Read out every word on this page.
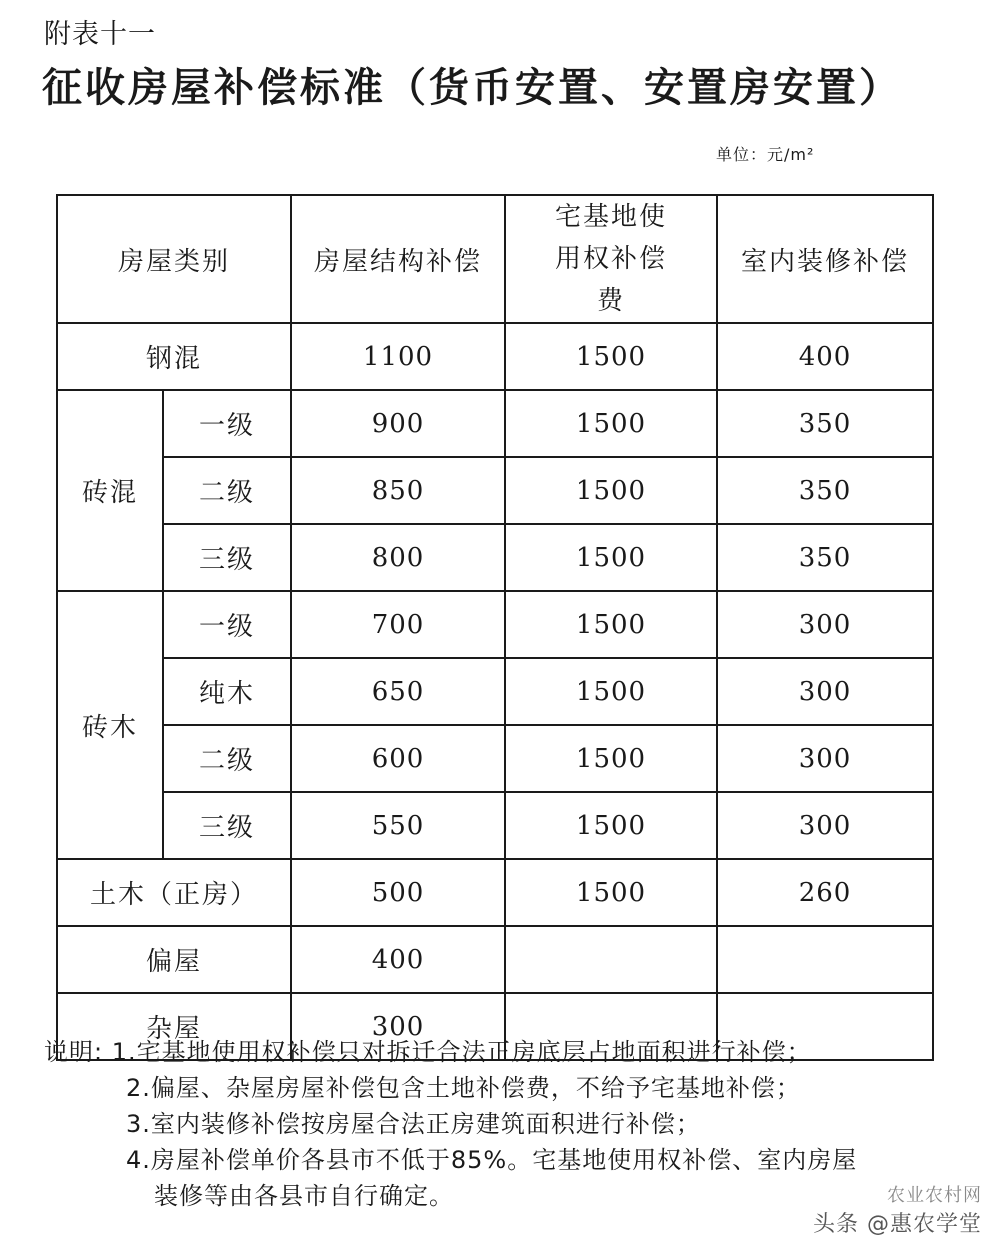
附表十一
征收房屋补偿标准（货币安置、安置房安置）
单位：元/m²
房屋类别		房屋结构补偿	宅基地使用权补偿费	室内装修补偿
钢混		1100	1500	400
砖混	一级	900	1500	350
	二级	850	1500	350
	三级	800	1500	350
砖木	一级	700	1500	300
	纯木	650	1500	300
	二级	600	1500	300
	三级	550	1500	300
土木（正房）		500	1500	260
偏屋		400		
杂屋		300		
说明: 1.宅基地使用权补偿只对拆迁合法正房底层占地面积进行补偿；
2.偏屋、杂屋房屋补偿包含土地补偿费，不给予宅基地补偿；
3.室内装修补偿按房屋合法正房建筑面积进行补偿；
4.房屋补偿单价各县市不低于85%。宅基地使用权补偿、室内房屋
装修等由各县市自行确定。	农业农村网
头条 @惠农学堂
